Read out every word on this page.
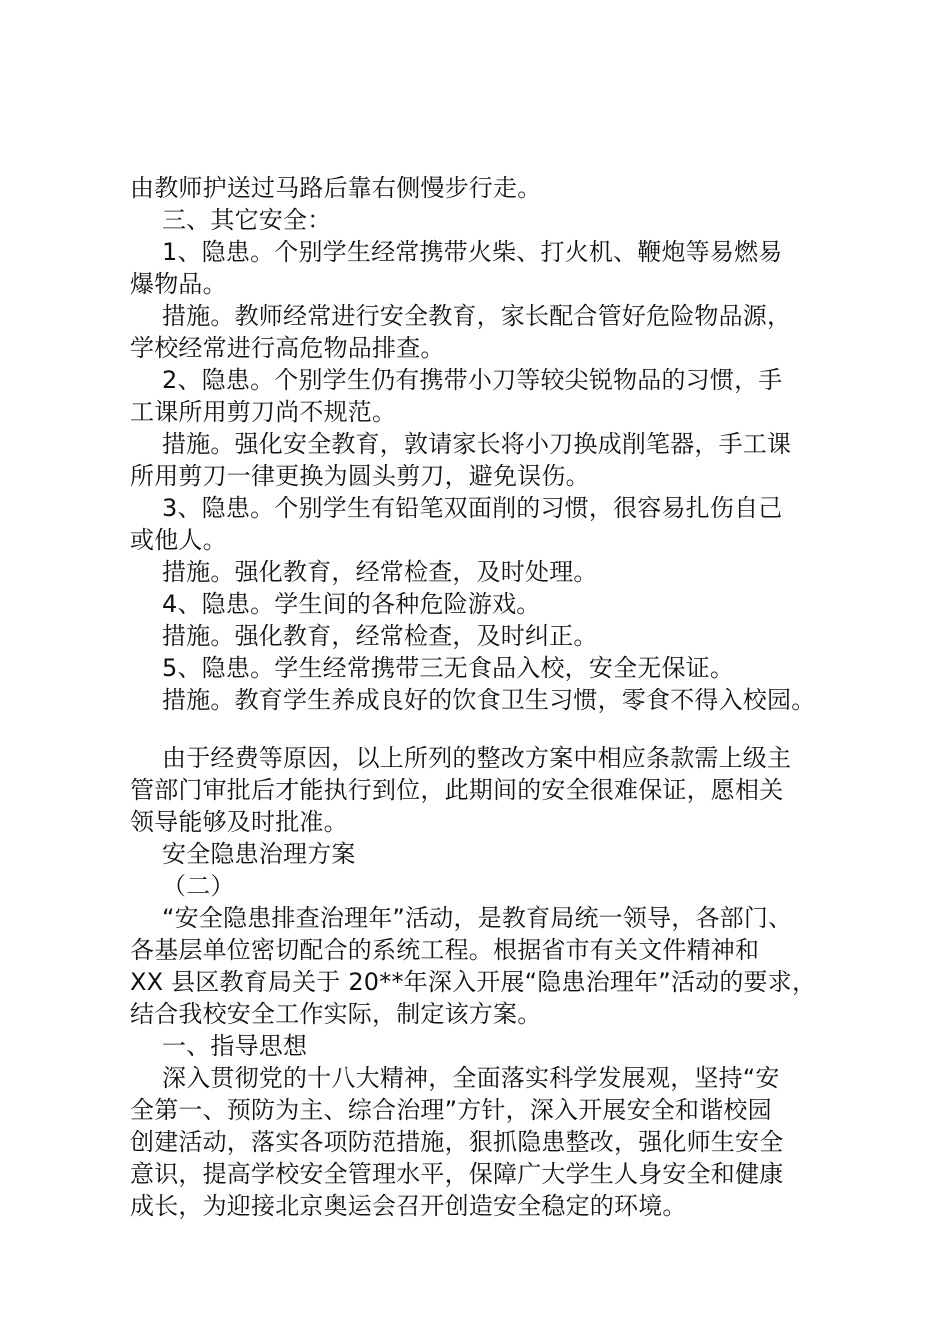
由教师护送过马路后靠右侧慢步行走。
三、其它安全：
1、隐患。个别学生经常携带火柴、打火机、鞭炮等易燃易
爆物品。
措施。教师经常进行安全教育，家长配合管好危险物品源，
学校经常进行高危物品排查。
2、隐患。个别学生仍有携带小刀等较尖锐物品的习惯，手
工课所用剪刀尚不规范。
措施。强化安全教育，敦请家长将小刀换成削笔器，手工课
所用剪刀一律更换为圆头剪刀，避免误伤。
3、隐患。个别学生有铅笔双面削的习惯，很容易扎伤自己
或他人。
措施。强化教育，经常检查，及时处理。
4、隐患。学生间的各种危险游戏。
措施。强化教育，经常检查，及时纠正。
5、隐患。学生经常携带三无食品入校，安全无保证。
措施。教育学生养成良好的饮食卫生习惯，零食不得入校园。
由于经费等原因，以上所列的整改方案中相应条款需上级主
管部门审批后才能执行到位，此期间的安全很难保证，愿相关
领导能够及时批准。
安全隐患治理方案
（二）
“安全隐患排查治理年”活动，是教育局统一领导，各部门、
各基层单位密切配合的系统工程。根据省市有关文件精神和
XX 县区教育局关于 20**年深入开展“隐患治理年”活动的要求，
结合我校安全工作实际，制定该方案。
一、指导思想
深入贯彻党的十八大精神，全面落实科学发展观，坚持“安
全第一、预防为主、综合治理”方针，深入开展安全和谐校园
创建活动，落实各项防范措施，狠抓隐患整改，强化师生安全
意识，提高学校安全管理水平，保障广大学生人身安全和健康
成长，为迎接北京奥运会召开创造安全稳定的环境。
